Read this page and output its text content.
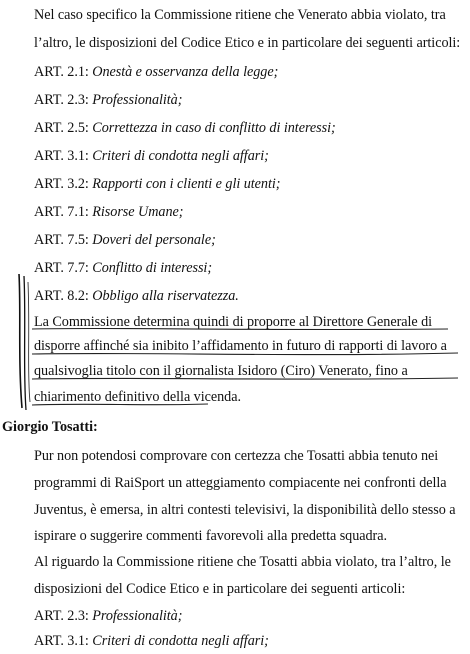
Nel caso specifico la Commissione ritiene che Venerato abbia violato, tra
l’altro, le disposizioni del Codice Etico e in particolare dei seguenti articoli:
ART. 2.1: Onestà e osservanza della legge;
ART. 2.3: Professionalità;
ART. 2.5: Correttezza in caso di conflitto di interessi;
ART. 3.1: Criteri di condotta negli affari;
ART. 3.2: Rapporti con i clienti e gli utenti;
ART. 7.1: Risorse Umane;
ART. 7.5: Doveri del personale;
ART. 7.7: Conflitto di interessi;
ART. 8.2: Obbligo alla riservatezza.
La Commissione determina quindi di proporre al Direttore Generale di
disporre affinché sia inibito l’affidamento in futuro di rapporti di lavoro a
qualsivoglia titolo con il giornalista Isidoro (Ciro) Venerato, fino a
chiarimento definitivo della vicenda.
Giorgio Tosatti:
Pur non potendosi comprovare con certezza che Tosatti abbia tenuto nei
programmi di RaiSport un atteggiamento compiacente nei confronti della
Juventus, è emersa, in altri contesti televisivi, la disponibilità dello stesso a
ispirare o suggerire commenti favorevoli alla predetta squadra.
Al riguardo la Commissione ritiene che Tosatti abbia violato, tra l’altro, le
disposizioni del Codice Etico e in particolare dei seguenti articoli:
ART. 2.3: Professionalità;
ART. 3.1: Criteri di condotta negli affari;
